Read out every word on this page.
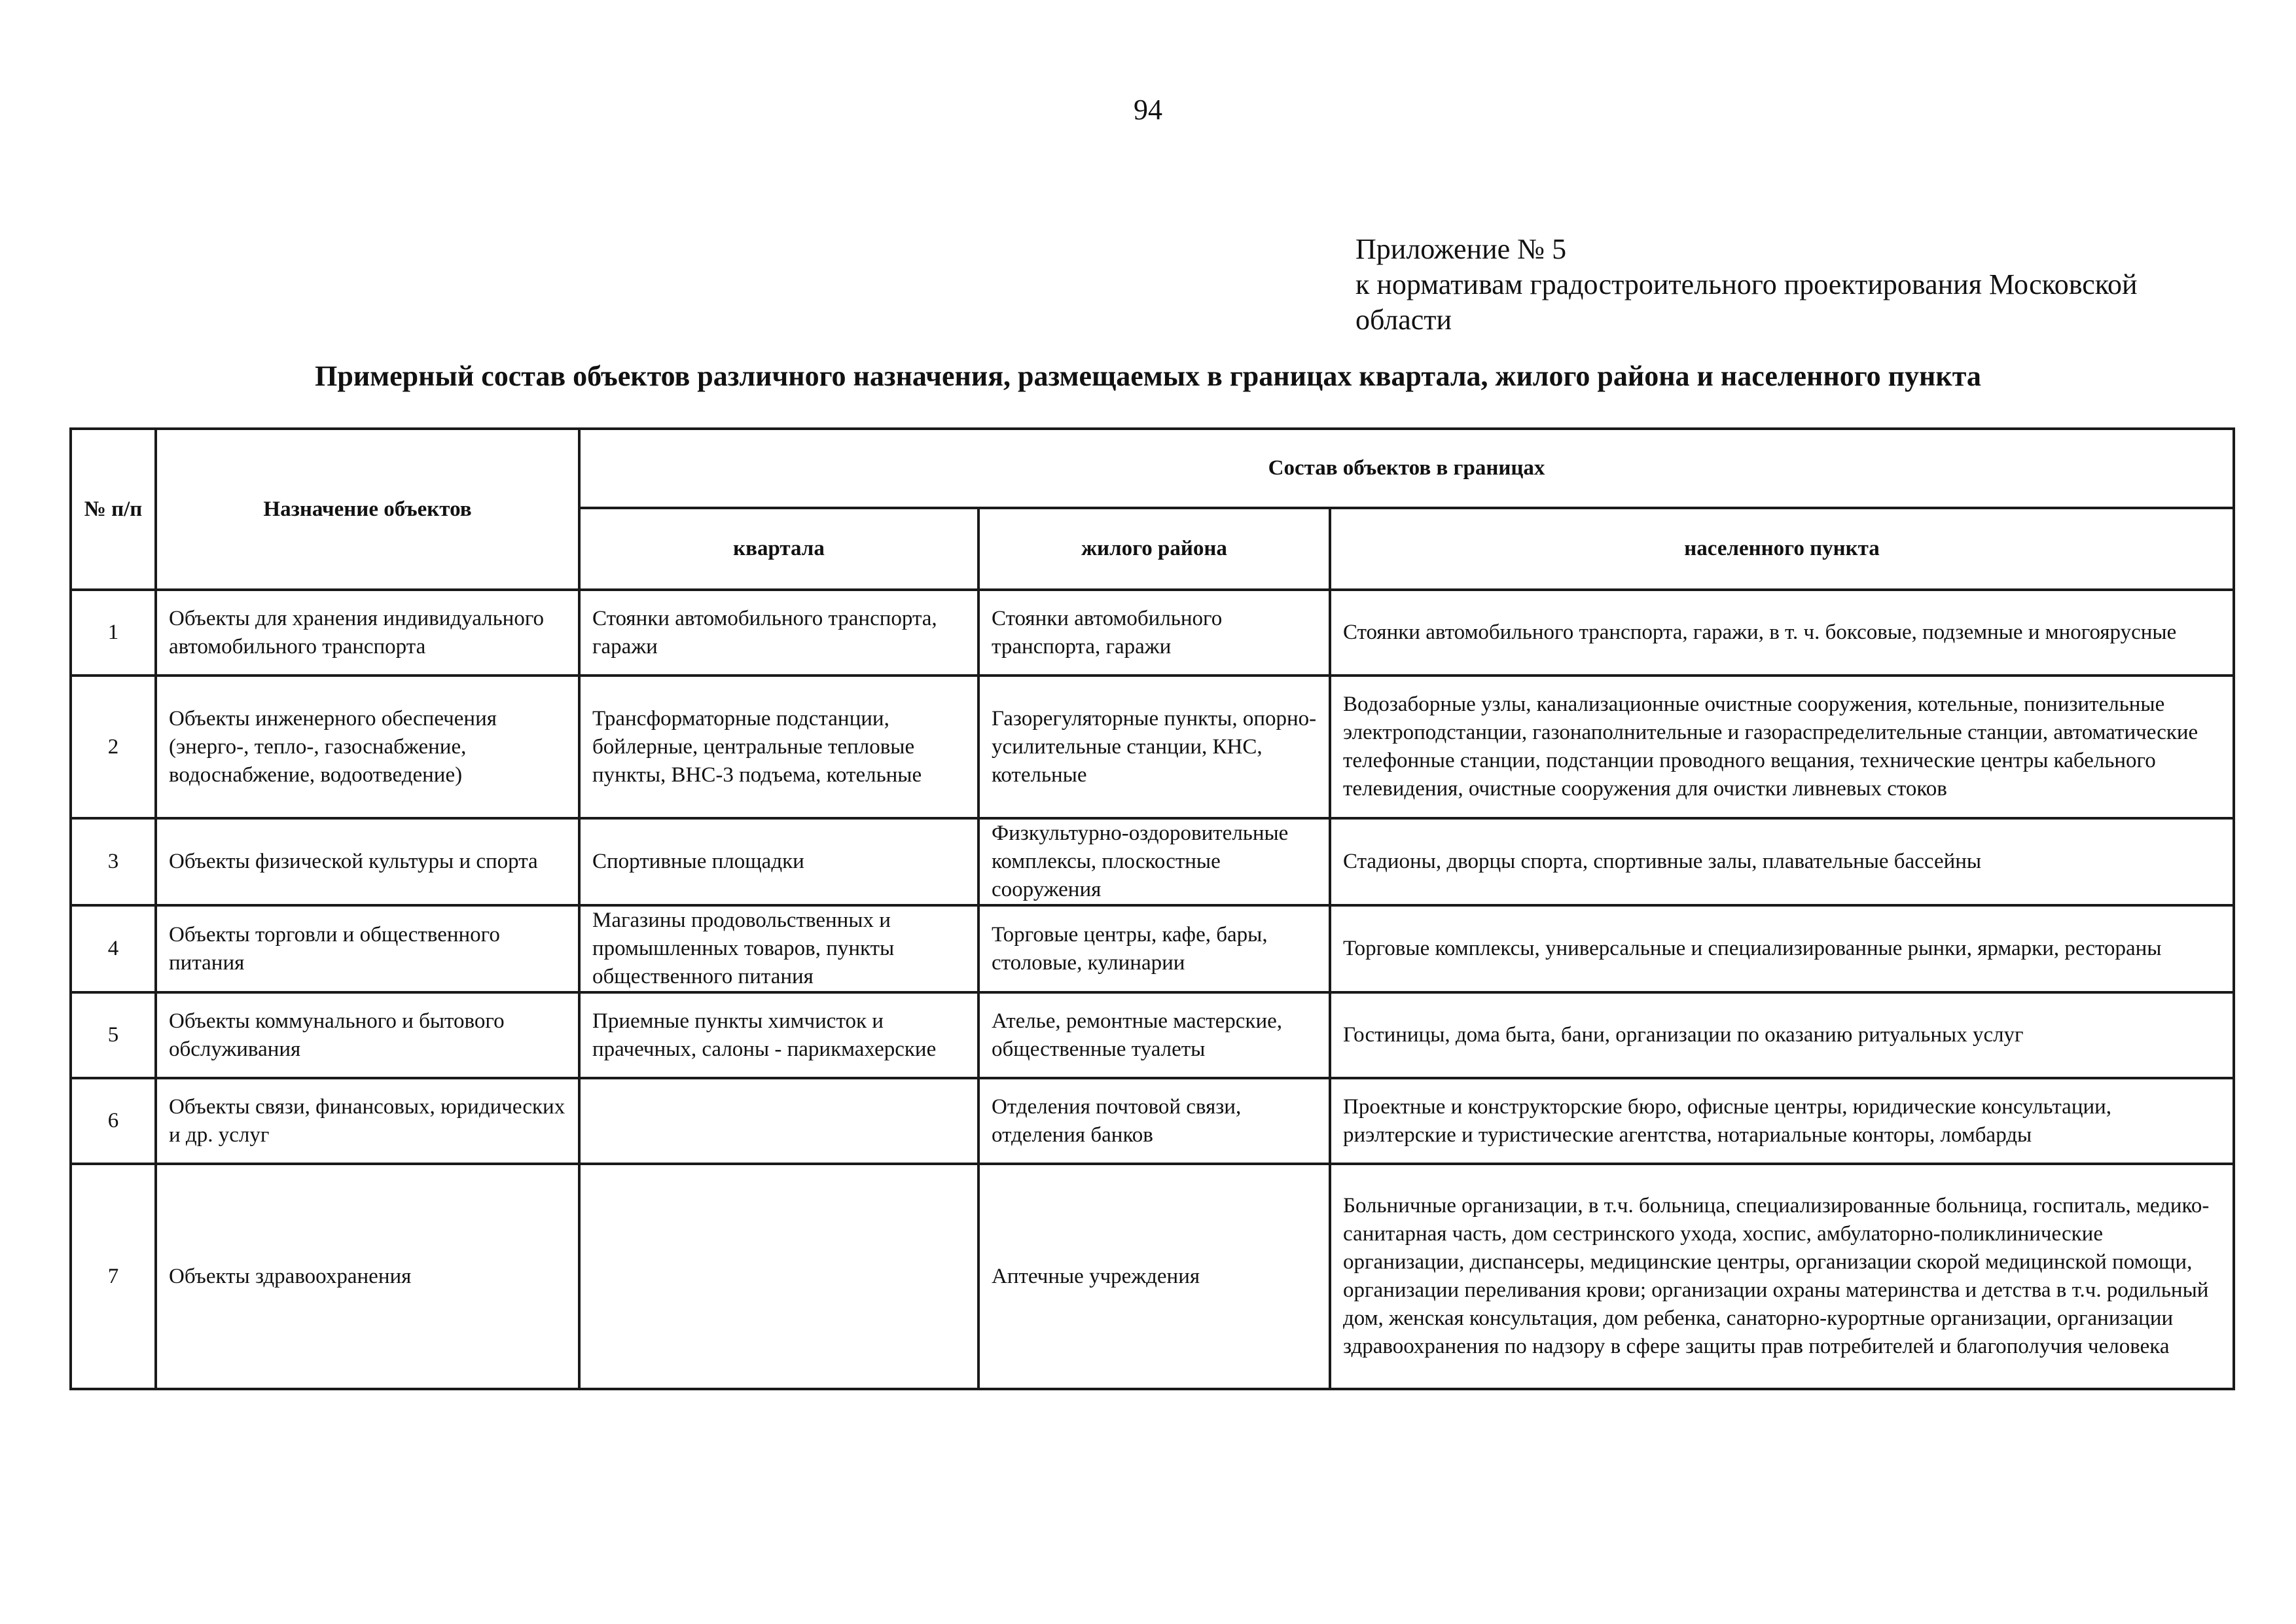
94
Приложение № 5
к нормативам градостроительного проектирования Московской
области
Примерный состав объектов различного назначения, размещаемых в границах квартала, жилого района и населенного пункта
№ п/п	Назначение объектов	Состав объектов в границах		
		квартала	жилого района	населенного пункта
1	Объекты для хранения индивидуального автомобильного транспорта	Стоянки автомобильного транспорта, гаражи	Стоянки автомобильного транспорта, гаражи	Стоянки автомобильного транспорта, гаражи, в т. ч. боксовые, подземные и многоярусные
2	Объекты инженерного обеспечения (энерго-, тепло-, газоснабжение, водоснабжение, водоотведение)	Трансформаторные подстанции, бойлерные, центральные тепловые пункты, ВНС-3 подъема, котельные	Газорегуляторные пункты, опорно-усилительные станции, КНС, котельные	Водозаборные узлы, канализационные очистные сооружения, котельные, понизительные электроподстанции, газонаполнительные и газораспределительные станции, автоматические телефонные станции, подстанции проводного вещания, технические центры кабельного телевидения, очистные сооружения для очистки ливневых стоков
3	Объекты физической культуры и спорта	Спортивные площадки	Физкультурно-оздоровительные комплексы, плоскостные сооружения	Стадионы, дворцы спорта, спортивные залы, плавательные бассейны
4	Объекты торговли и общественного питания	Магазины продовольственных и промышленных товаров, пункты общественного питания	Торговые центры, кафе, бары, столовые, кулинарии	Торговые комплексы, универсальные и специализированные рынки, ярмарки, рестораны
5	Объекты коммунального и бытового обслуживания	Приемные пункты химчисток и прачечных, салоны - парикмахерские	Ателье, ремонтные мастерские, общественные туалеты	Гостиницы, дома быта, бани, организации по оказанию ритуальных услуг
6	Объекты связи, финансовых, юридических и др. услуг		Отделения почтовой связи, отделения банков	Проектные и конструкторские бюро, офисные центры, юридические консультации, риэлтерские и туристические агентства, нотариальные конторы, ломбарды
7	Объекты здравоохранения		Аптечные учреждения	Больничные организации, в т.ч. больница, специализированные больница, госпиталь, медико-санитарная часть, дом сестринского ухода, хоспис, амбулаторно-поликлинические организации, диспансеры, медицинские центры, организации скорой медицинской помощи, организации переливания крови; организации охраны материнства и детства в т.ч. родильный дом, женская консультация, дом ребенка, санаторно-курортные организации, организации здравоохранения по надзору в сфере защиты прав потребителей и благополучия человека
